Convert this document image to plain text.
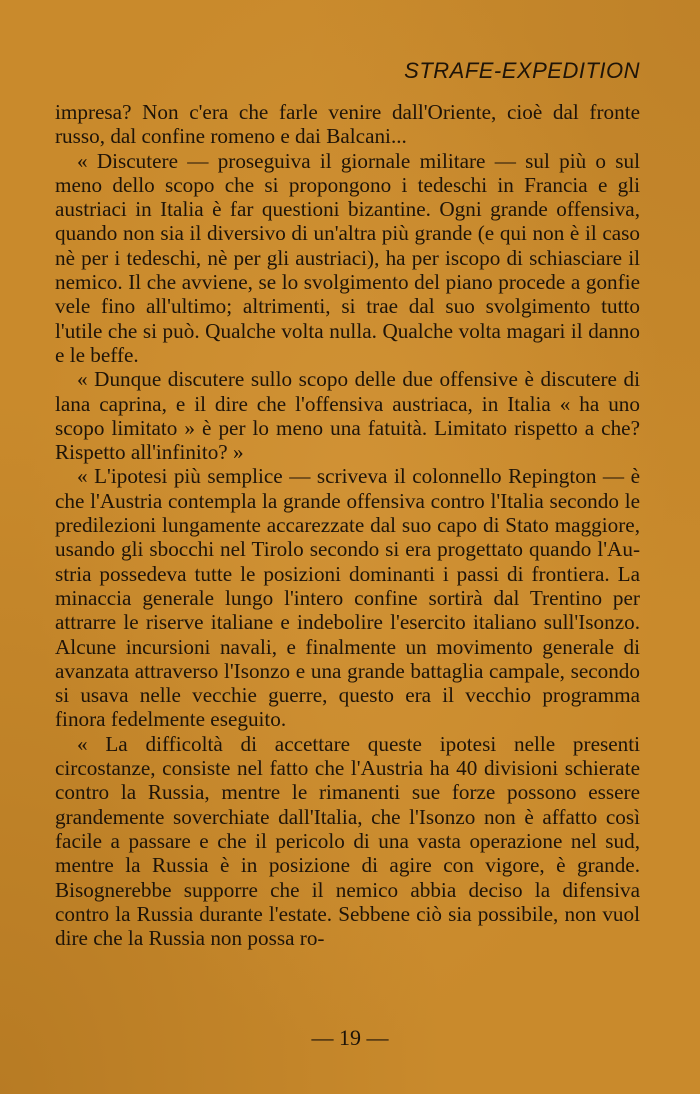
STRAFE-EXPEDITION

impresa? Non c'era che farle venire dall'Oriente, cioè dal fronte russo, dal confine romeno e dai Balcani...

« Discutere — proseguiva il giornale militare — sul più o sul meno dello scopo che si propongono i tedeschi in Francia e gli austriaci in Italia è far questioni bizantine. Ogni grande offensiva, quando non sia il diversivo di un'altra più grande (e qui non è il caso nè per i tedeschi, nè per gli austriaci), ha per iscopo di schiasciare il nemico. Il che avviene, se lo svolgimento del piano procede a gonfie vele fino all'ultimo; altrimenti, si trae dal suo svolgimento tutto l'utile che si può. Qualche volta nulla. Qualche volta magari il danno e le beffe.

« Dunque discutere sullo scopo delle due offensive è discutere di lana caprina, e il dire che l'offensiva austriaca, in Italia « ha uno scopo limitato » è per lo meno una fatuità. Limitato rispetto a che? Rispetto all'infinito? »

« L'ipotesi più semplice — scriveva il colonnello Repington — è che l'Austria contempla la grande offensiva contro l'Italia secondo le predilezioni lungamente accarezzate dal suo capo di Stato maggiore, usando gli sbocchi nel Tirolo secondo si era progettato quando l'Austria possedeva tutte le posizioni dominanti i passi di frontiera. La minaccia generale lungo l'intero confine sortirà dal Trentino per attrarre le riserve italiane e indebolire l'esercito italiano sull'Isonzo. Alcune incursioni navali, e finalmente un movimento generale di avanzata attraverso l'Isonzo e una grande battaglia campale, secondo si usava nelle vecchie guerre, questo era il vecchio programma finora fedelmente eseguito.

« La difficoltà di accettare queste ipotesi nelle presenti circostanze, consiste nel fatto che l'Austria ha 40 divisioni schierate contro la Russia, mentre le rimanenti sue forze possono essere grandemente soverchiate dall'Italia, che l'Isonzo non è affatto così facile a passare e che il pericolo di una vasta operazione nel sud, mentre la Russia è in posizione di agire con vigore, è grande. Bisognerebbe supporre che il nemico abbia deciso la difensiva contro la Russia durante l'estate. Sebbene ciò sia possibile, non vuol dire che la Russia non possa ro-

— 19 —
